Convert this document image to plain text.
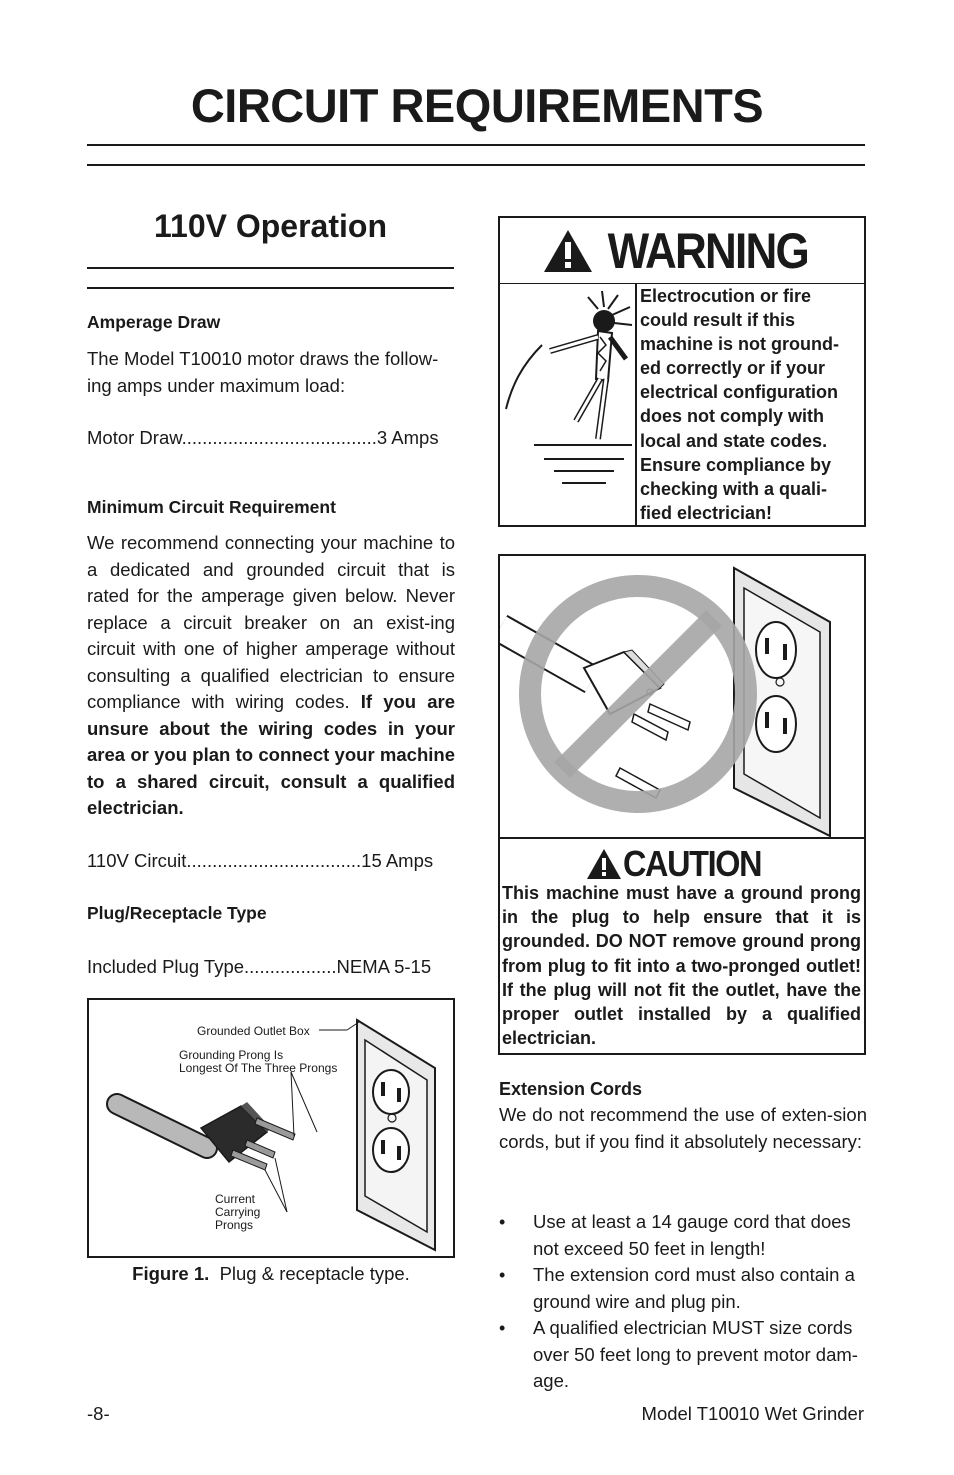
CIRCUIT REQUIREMENTS
110V Operation
Amperage Draw
The Model T10010 motor draws the follow-
ing amps under maximum load:
Motor Draw......................................3 Amps
Minimum Circuit Requirement
We recommend connecting your machine to a dedicated and grounded circuit that is rated for the amperage given below. Never replace a circuit breaker on an exist-ing circuit with one of higher amperage without consulting a qualified electrician to ensure compliance with wiring codes. If you are unsure about the wiring codes in your area or you plan to connect your machine to a shared circuit, consult a qualified electrician.
110V Circuit..................................15 Amps
Plug/Receptacle Type
Included Plug Type..................NEMA 5-15
Grounded Outlet Box
Grounding Prong Is
Longest Of The Three Prongs
Current
Carrying
Prongs
Figure 1. Plug & receptacle type.
WARNING
Electrocution or fire
could result if this
machine is not ground-
ed correctly or if your
electrical configuration
does not comply with
local and state codes.
Ensure compliance by
checking with a quali-
fied electrician!
CAUTION
This machine must have a ground prong in the plug to help ensure that it is grounded. DO NOT remove ground prong from plug to fit into a two-pronged outlet! If the plug will not fit the outlet, have the proper outlet installed by a qualified electrician.
Extension Cords
We do not recommend the use of exten-sion cords, but if you find it absolutely necessary:
•	Use at least a 14 gauge cord that does not exceed 50 feet in length!
•	The extension cord must also contain a ground wire and plug pin.
•	A qualified electrician MUST size cords over 50 feet long to prevent motor dam-age.
-8-	Model T10010 Wet Grinder
